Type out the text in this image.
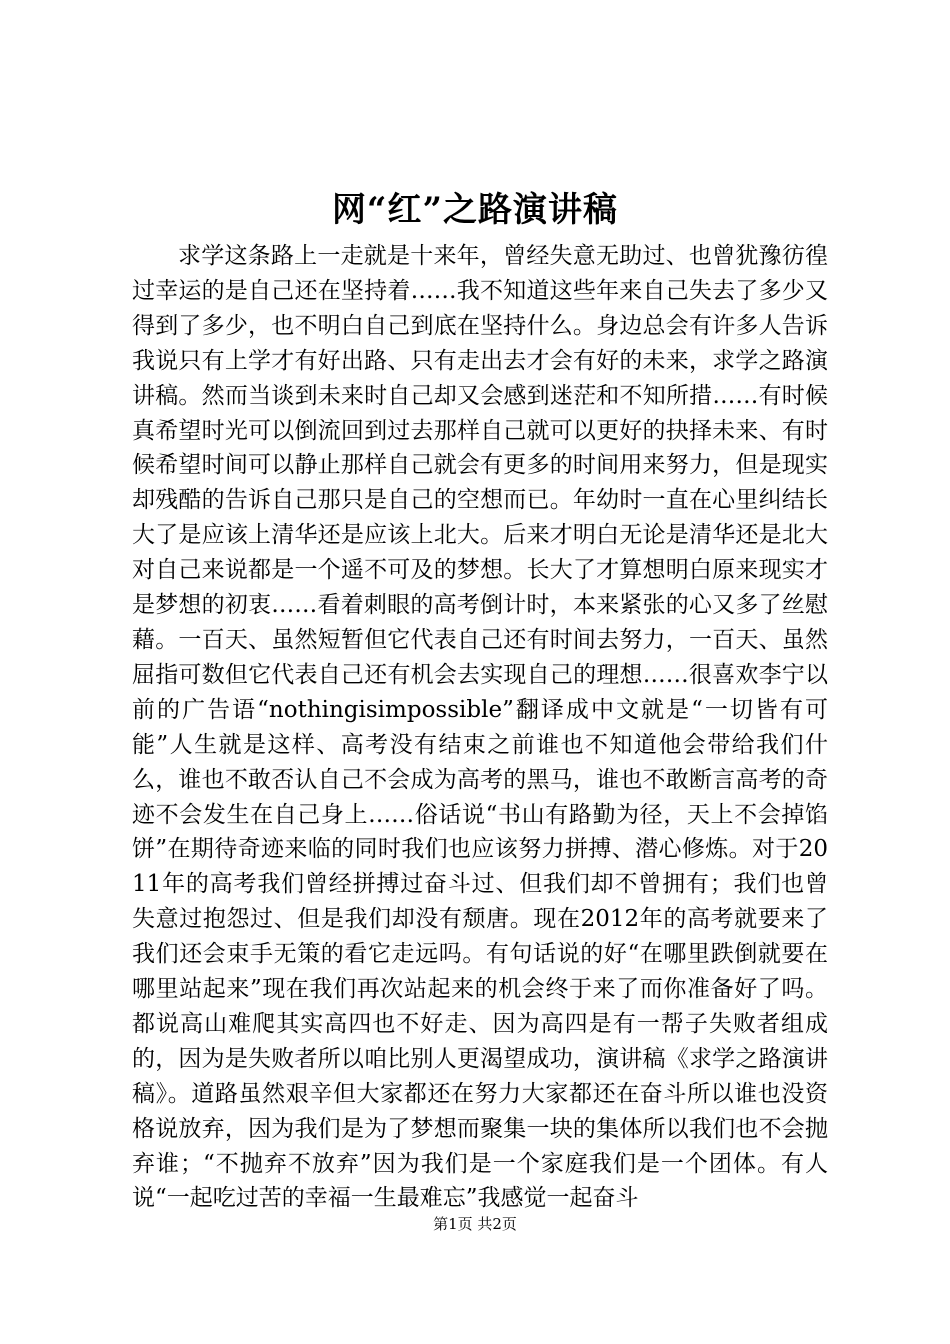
网“红”之路演讲稿

求学这条路上一走就是十来年，曾经失意无助过、也曾犹豫彷徨过幸运的是自己还在坚持着……我不知道这些年来自己失去了多少又得到了多少，也不明白自己到底在坚持什么。身边总会有许多人告诉我说只有上学才有好出路、只有走出去才会有好的未来，求学之路演讲稿。然而当谈到未来时自己却又会感到迷茫和不知所措……有时候真希望时光可以倒流回到过去那样自己就可以更好的抉择未来、有时候希望时间可以静止那样自己就会有更多的时间用来努力，但是现实却残酷的告诉自己那只是自己的空想而已。年幼时一直在心里纠结长大了是应该上清华还是应该上北大。后来才明白无论是清华还是北大对自己来说都是一个遥不可及的梦想。长大了才算想明白原来现实才是梦想的初衷……看着刺眼的高考倒计时，本来紧张的心又多了丝慰藉。一百天、虽然短暂但它代表自己还有时间去努力，一百天、虽然屈指可数但它代表自己还有机会去实现自己的理想……很喜欢李宁以前的广告语“nothingisimpossible”翻译成中文就是“一切皆有可能”人生就是这样、高考没有结束之前谁也不知道他会带给我们什么，谁也不敢否认自己不会成为高考的黑马，谁也不敢断言高考的奇迹不会发生在自己身上……俗话说“书山有路勤为径，天上不会掉馅饼”在期待奇迹来临的同时我们也应该努力拼搏、潜心修炼。对于2011年的高考我们曾经拼搏过奋斗过、但我们却不曾拥有；我们也曾失意过抱怨过、但是我们却没有颓唐。现在2012年的高考就要来了我们还会束手无策的看它走远吗。有句话说的好“在哪里跌倒就要在哪里站起来”现在我们再次站起来的机会终于来了而你准备好了吗。都说高山难爬其实高四也不好走、因为高四是有一帮子失败者组成的，因为是失败者所以咱比别人更渴望成功，演讲稿《求学之路演讲稿》。道路虽然艰辛但大家都还在努力大家都还在奋斗所以谁也没资格说放弃，因为我们是为了梦想而聚集一块的集体所以我们也不会抛弃谁；“不抛弃不放弃”因为我们是一个家庭我们是一个团体。有人说“一起吃过苦的幸福一生最难忘”我感觉一起奋斗

第1页 共2页
